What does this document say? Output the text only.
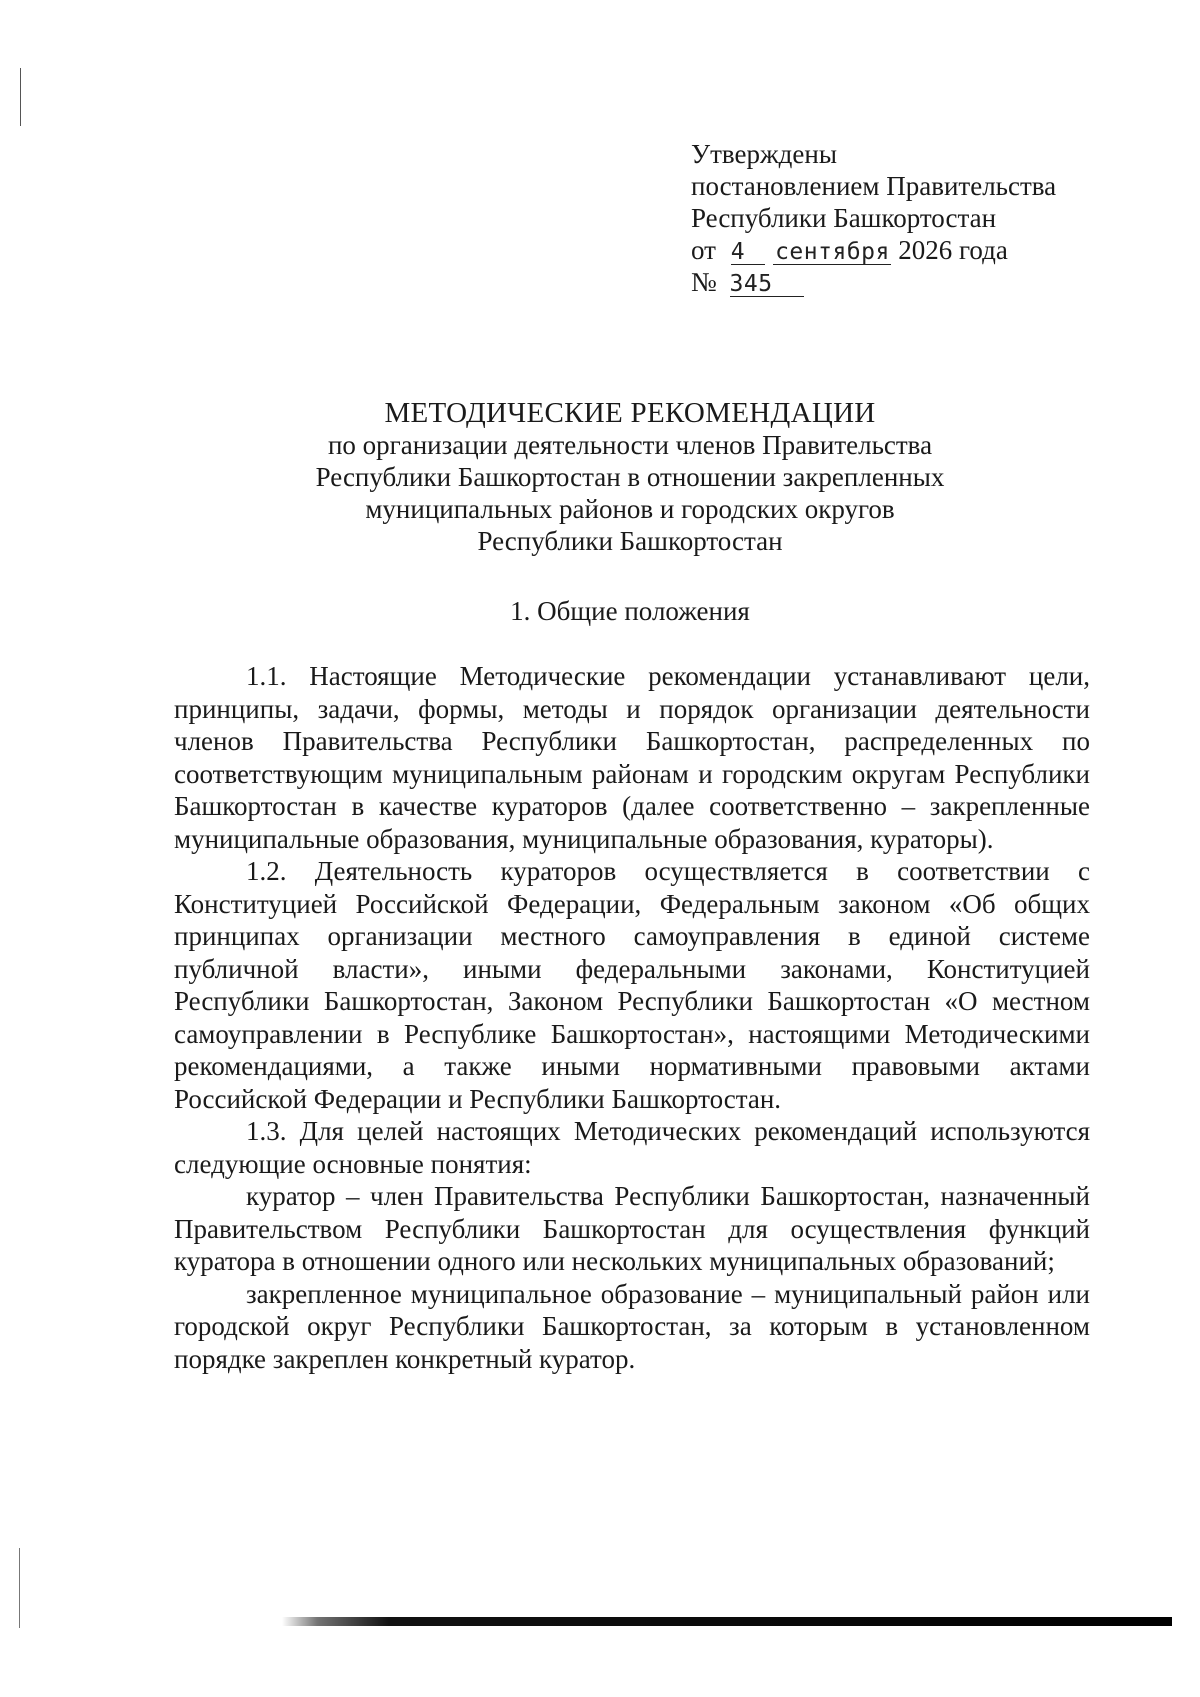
Утверждены
постановлением Правительства
Республики Башкортостан
от 4 сентября 2026 года
№ 345
МЕТОДИЧЕСКИЕ РЕКОМЕНДАЦИИ
по организации деятельности членов Правительства
Республики Башкортостан в отношении закрепленных
муниципальных районов и городских округов
Республики Башкортостан
1. Общие положения

1.1. Настоящие Методические рекомендации устанавливают цели, принципы, задачи, формы, методы и порядок организации деятельности членов Правительства Республики Башкортостан, распределенных по соответствующим муниципальным районам и городским округам Республики Башкортостан в качестве кураторов (далее соответственно – закрепленные муниципальные образования, муниципальные образования, кураторы).

1.2. Деятельность кураторов осуществляется в соответствии с Конституцией Российской Федерации, Федеральным законом «Об общих принципах организации местного самоуправления в единой системе публичной власти», иными федеральными законами, Конституцией Республики Башкортостан, Законом Республики Башкортостан «О местном самоуправлении в Республике Башкортостан», настоящими Методическими рекомендациями, а также иными нормативными правовыми актами Российской Федерации и Республики Башкортостан.

1.3. Для целей настоящих Методических рекомендаций используются следующие основные понятия:

куратор – член Правительства Республики Башкортостан, назначенный Правительством Республики Башкортостан для осуществления функций куратора в отношении одного или нескольких муниципальных образований;

закрепленное муниципальное образование – муниципальный район или городской округ Республики Башкортостан, за которым в установленном порядке закреплен конкретный куратор.
